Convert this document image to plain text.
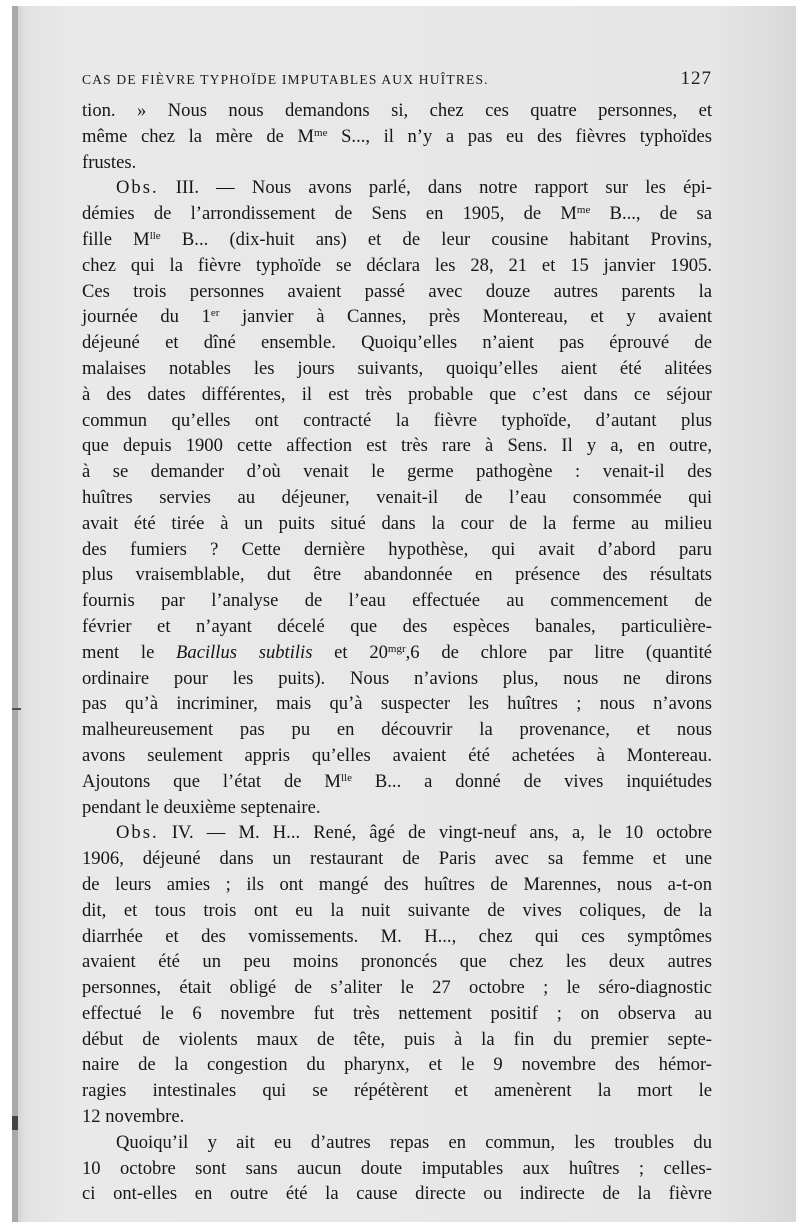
CAS DE FIÈVRE TYPHOÏDE IMPUTABLES AUX HUÎTRES.	127
tion. » Nous nous demandons si, chez ces quatre personnes, et
même chez la mère de $M^{me}$ S..., il n’y a pas eu des fièvres typhoïdes
frustes.
Obs. III. — Nous avons parlé, dans notre rapport sur les épi-
démies de l’arrondissement de Sens en 1905, de $M^{me}$ B..., de sa
fille $M^{lle}$ B... (dix-huit ans) et de leur cousine habitant Provins,
chez qui la fièvre typhoïde se déclara les 28, 21 et 15 janvier 1905.
Ces trois personnes avaient passé avec douze autres parents la
journée du 1er janvier à Cannes, près Montereau, et y avaient
déjeuné et dîné ensemble. Quoiqu’elles n’aient pas éprouvé de
malaises notables les jours suivants, quoiqu’elles aient été alitées
à des dates différentes, il est très probable que c’est dans ce séjour
commun qu’elles ont contracté la fièvre typhoïde, d’autant plus
que depuis 1900 cette affection est très rare à Sens. Il y a, en outre,
à se demander d’où venait le germe pathogène : venait-il des
huîtres servies au déjeuner, venait-il de l’eau consommée qui
avait été tirée à un puits situé dans la cour de la ferme au milieu
des fumiers ? Cette dernière hypothèse, qui avait d’abord paru
plus vraisemblable, dut être abandonnée en présence des résultats
fournis par l’analyse de l’eau effectuée au commencement de
février et n’ayant décelé que des espèces banales, particulière-
ment le Bacillus subtilis et $20^{mgr},6$ de chlore par litre (quantité
ordinaire pour les puits). Nous n’avions plus, nous ne dirons
pas qu’à incriminer, mais qu’à suspecter les huîtres ; nous n’avons
malheureusement pas pu en découvrir la provenance, et nous
avons seulement appris qu’elles avaient été achetées à Montereau.
Ajoutons que l’état de $M^{lle}$ B... a donné de vives inquiétudes
pendant le deuxième septenaire.
Obs. IV. — M. H... René, âgé de vingt-neuf ans, a, le 10 octobre
1906, déjeuné dans un restaurant de Paris avec sa femme et une
de leurs amies ; ils ont mangé des huîtres de Marennes, nous a-t-on
dit, et tous trois ont eu la nuit suivante de vives coliques, de la
diarrhée et des vomissements. M. H..., chez qui ces symptômes
avaient été un peu moins prononcés que chez les deux autres
personnes, était obligé de s’aliter le 27 octobre ; le séro-diagnostic
effectué le 6 novembre fut très nettement positif ; on observa au
début de violents maux de tête, puis à la fin du premier septe-
naire de la congestion du pharynx, et le 9 novembre des hémor-
ragies intestinales qui se répétèrent et amenèrent la mort le
12 novembre.
Quoiqu’il y ait eu d’autres repas en commun, les troubles du
10 octobre sont sans aucun doute imputables aux huîtres ; celles-
ci ont-elles en outre été la cause directe ou indirecte de la fièvre
